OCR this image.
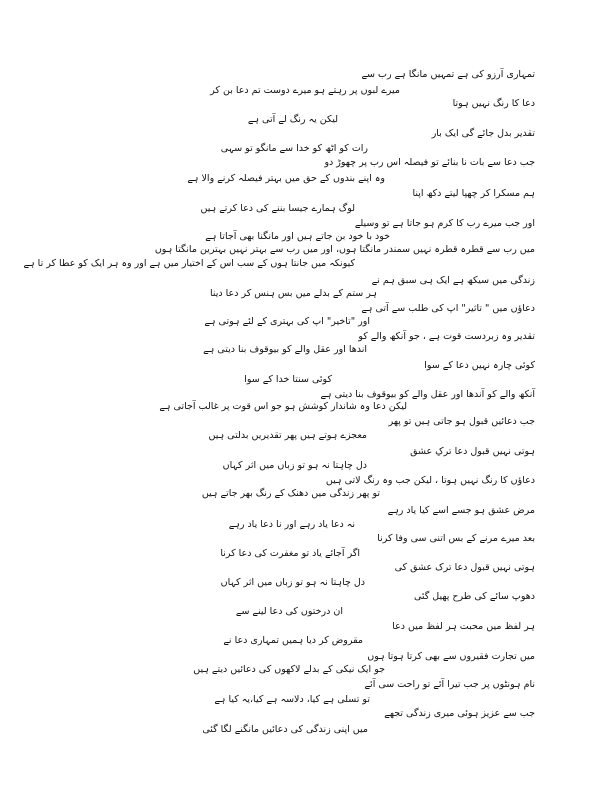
تمہاری آرزو کی ہے تمہیں مانگا ہے رب سے
میرے لبوں پر رہتے ہو میرے دوست تم دعا بن کر
دعا کا رنگ نہیں ہوتا
لیکن یہ رنگ لے آتی ہے
تقدیر بدل جائے گی ایک بار
رات کو اٹھ کو خدا سے مانگو تو سہی
جب دعا سے بات نا بنائے تو فیصلہ اس رب پر چھوڑ دو
وہ اپنے بندوں کے حق میں بہتر فیصلہ کرنے والا ہے
ہم مسکرا کر چھپا لیتے دکھ اپنا
لوگ ہمارے جیسا بننے کی دعا کرتے ہیں
اور جب میرے رب کا کرم ہو جاتا ہے تو وسیلے
خود با خود بن جاتے ہیں اور مانگنا بھی آجاتا ہے
میں رب سے قطرہ قطرہ نہیں سمندر مانگتا ہوں، اور میں رب سے بہتر نہیں بہترین مانگتا ہوں
کیونکہ میں جانتا ہوں کے سب اس کے اختیار میں ہے اور وہ ہر ایک کو عطا کر تا ہے
زندگی میں سیکھ ہے ایک ہی سبق ہم نے
ہر ستم کے بدلے میں بس ہنس کر دعا دینا
دعاؤں میں " تاثیر" اپ کی طلب سے آتی ہے
اور "تاخیر" اپ کی بہتری کے لئے ہوتی ہے
تقدیر وہ زبردست قوت ہے ، جو آنکھ والے کو
اندھا اور عقل والے کو بیوقوف بنا دیتی ہے
کوئی چارہ نہیں دعا کے سوا
کوئی سنتا خدا کے سوا
آنکھ والے کو آندھا اور عقل والے کو بیوقوف بنا دیتی ہے
لیکن دعا وہ شاندار کوشش ہو جو اس قوت پر غالب آجاتی ہے
جب دعائیں قبول ہو جاتی ہیں تو پھر
معجزے ہوتے ہیں پھر تقدیریں بدلتی ہیں
ہوتی نہیں قبول دعا ترکِ عشق
دل چاہتا نہ ہو تو زباں میں اثر کہاں
دعاؤں کا رنگ نہیں ہوتا ، لیکن جب وہ رنگ لاتی ہیں
تو پھر زندگی میں دھنک کے رنگ بھر جاتے ہیں
مرض عشق ہو جسے اسے کیا یاد رہے
نہ دعا یاد رہے اور نا دعا یاد رہے
بعد میرے مرنے کے بس اتنی سی وفا کرنا
اگر آجائے یاد تو مغفرت کی دعا کرنا
ہوتی نہیں قبول دعا ترک عشق کی
دل چاہتا نہ ہو تو زباں میں اثر کہاں
دھوپ سائے کی طرح پھیل گئی
ان درختوں کی دعا لینے سے
ہر لفظ میں محبت ہر لفظ میں دعا
مقروض کر دیا ہمیں تمہاری دعا نے
میں تجارت فقیروں سے بھی کرتا ہوتا ہوں
جو ایک نیکی کے بدلے لاکھوں کی دعائیں دیتے ہیں
نام ہونٹوں پر جب تیرا آئے تو راحت سی آئے
تو تسلی ہے کیا، دلاسہ ہے کیا،یہ کیا ہے
جب سے عزیز ہوئی میری زندگی تجھے
میں اپنی زندگی کی دعائیں مانگنے لگا گئی
